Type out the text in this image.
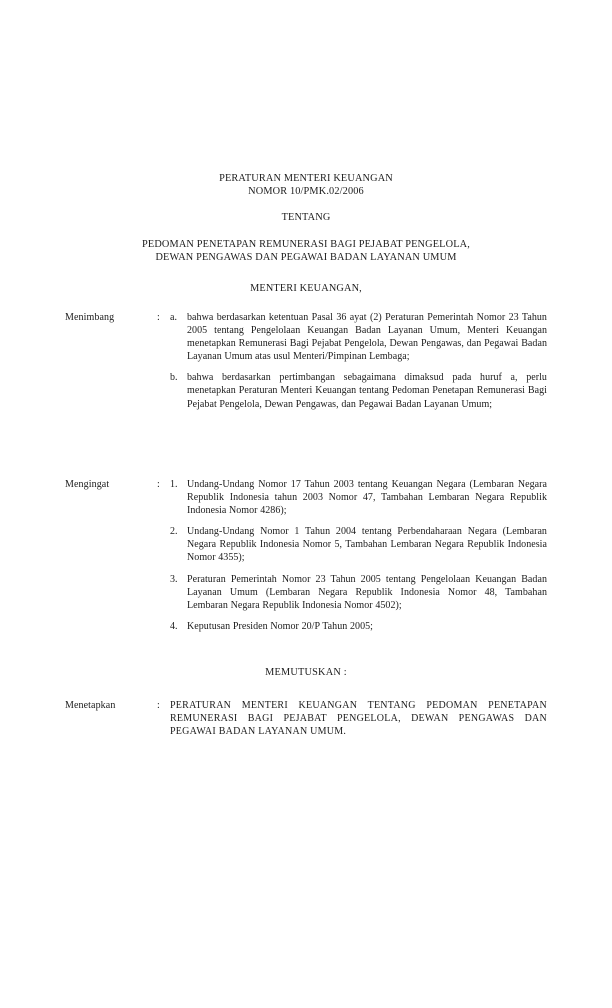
PERATURAN MENTERI KEUANGAN
NOMOR 10/PMK.02/2006
TENTANG
PEDOMAN PENETAPAN REMUNERASI BAGI PEJABAT PENGELOLA,
DEWAN PENGAWAS DAN PEGAWAI BADAN LAYANAN UMUM
MENTERI KEUANGAN,
Menimbang	: a. bahwa berdasarkan ketentuan Pasal 36 ayat (2) Peraturan Pemerintah Nomor 23 Tahun 2005 tentang Pengelolaan Keuangan Badan Layanan Umum, Menteri Keuangan menetapkan Remunerasi Bagi Pejabat Pengelola, Dewan Pengawas, dan Pegawai Badan Layanan Umum atas usul Menteri/Pimpinan Lembaga;
b. bahwa berdasarkan pertimbangan sebagaimana dimaksud pada huruf a, perlu menetapkan Peraturan Menteri Keuangan tentang Pedoman Penetapan Remunerasi Bagi Pejabat Pengelola, Dewan Pengawas, dan Pegawai Badan Layanan Umum;
Mengingat	: 1. Undang-Undang Nomor 17 Tahun 2003 tentang Keuangan Negara (Lembaran Negara Republik Indonesia tahun 2003 Nomor 47, Tambahan Lembaran Negara Republik Indonesia Nomor 4286);
2. Undang-Undang Nomor 1 Tahun 2004 tentang Perbendaharaan Negara (Lembaran Negara Republik Indonesia Nomor 5, Tambahan Lembaran Negara Republik Indonesia Nomor 4355);
3. Peraturan Pemerintah Nomor 23 Tahun 2005 tentang Pengelolaan Keuangan Badan Layanan Umum (Lembaran Negara Republik Indonesia Nomor 48, Tambahan Lembaran Negara Republik Indonesia Nomor 4502);
4. Keputusan Presiden Nomor 20/P Tahun 2005;
MEMUTUSKAN :
Menetapkan	: PERATURAN MENTERI KEUANGAN TENTANG PEDOMAN PENETAPAN REMUNERASI BAGI PEJABAT PENGELOLA, DEWAN PENGAWAS DAN PEGAWAI BADAN LAYANAN UMUM.
